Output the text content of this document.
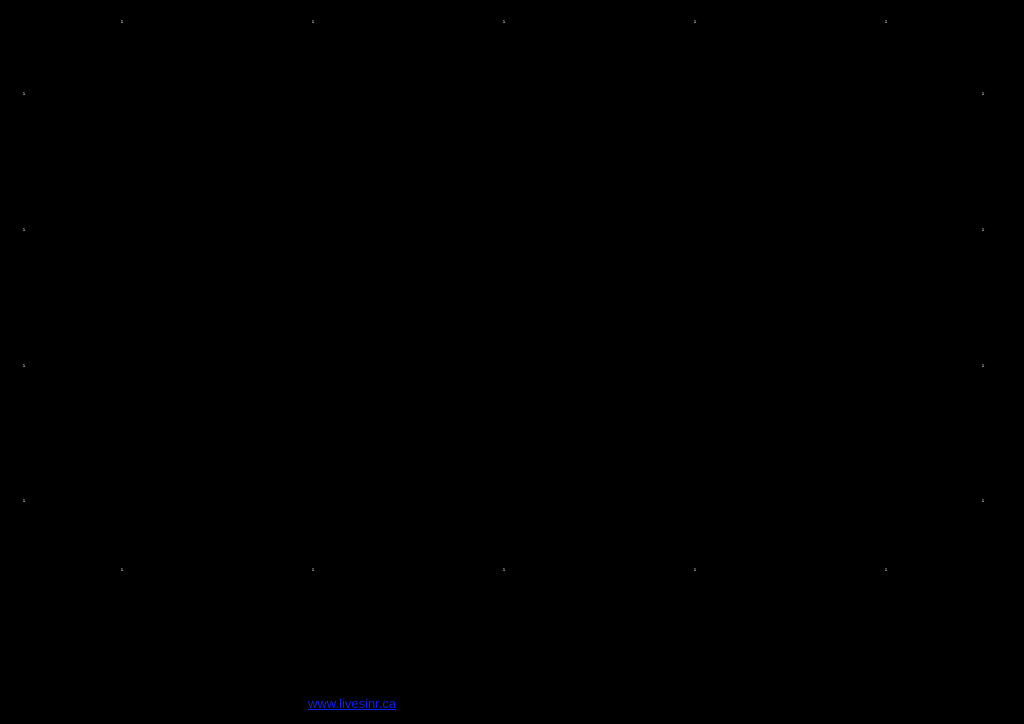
ı	ı	ı	ı	ı
ı
ı
ı
ı
ı
ı
ı
ı
ı	ı	ı	ı	ı
www.livesinr.ca
